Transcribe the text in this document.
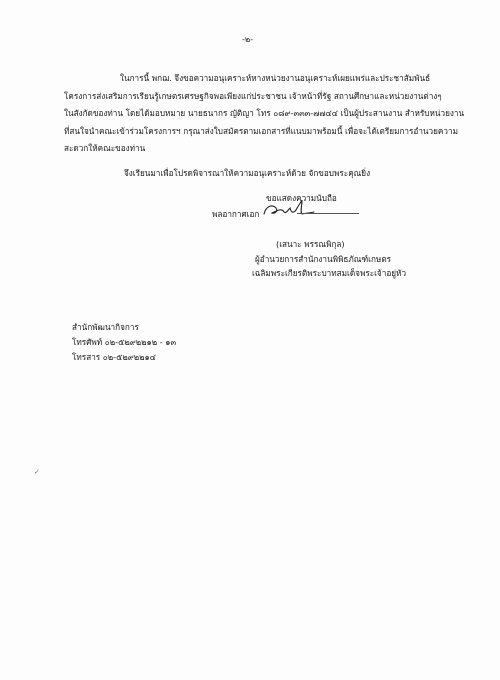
-๒-
ในการนี้ พกฌ. จึงขอความอนุเคราะห์หางหน่วยงานอนุเคราะห์เผยแพร่และประชาสัมพันธ์
โครงการส่งเสริมการเรียนรู้เกษตรเศรษฐกิจพอเพียงแก่ประชาชน เจ้าหน้าที่รัฐ สถานศึกษาและหน่วยงานต่างๆ
ในสังกัดของท่าน โดยได้มอบหมาย นายธนากร ญัติญา โทร ๐๘๙-๓๓๓-๗๗๔๔ เป็นผู้ประสานงาน สำหรับหน่วยงาน
ที่สนใจนำคณะเข้าร่วมโครงการฯ กรุณาส่งใบสมัครตามเอกสารที่แนบมาพร้อมนี้ เพื่อจะได้เตรียมการอำนวยความ
สะดวกให้คณะของท่าน
จึงเรียนมาเพื่อโปรดพิจารณาให้ความอนุเคราะห์ด้วย จักขอบพระคุณยิ่ง
ขอแสดงความนับถือ
พลอากาศเอก
(เสนาะ พรรณพิกุล)
ผู้อำนวยการสำนักงานพิพิธภัณฑ์เกษตร
เฉลิมพระเกียรติพระบาทสมเด็จพระเจ้าอยู่หัว
สำนักพัฒนากิจการ
โทรศัพท์ ๐๒-๕๒๙๒๒๑๒ - ๑๓
โทรสาร ๐๒-๕๒๙๒๒๑๔
✓
